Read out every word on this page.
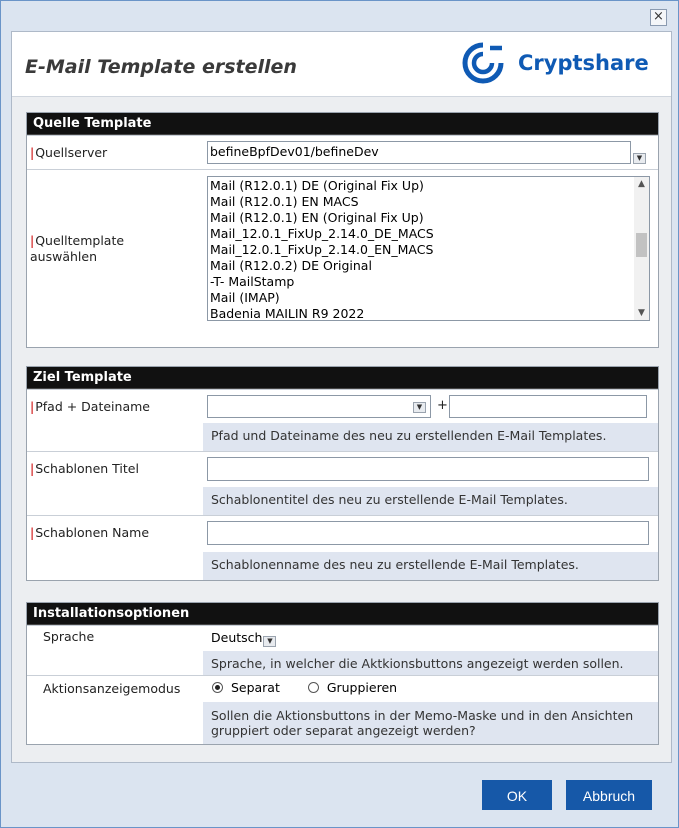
×
E-Mail Template erstellen	Cryptshare
Quelle Template
|Quellserver	befineBpfDev01/befineDev	▼
|Quelltemplate
auswählen
Mail (R12.0.1) DE (Original Fix Up)
Mail (R12.0.1) EN MACS
Mail (R12.0.1) EN (Original Fix Up)
Mail_12.0.1_FixUp_2.14.0_DE_MACS
Mail_12.0.1_FixUp_2.14.0_EN_MACS
Mail (R12.0.2) DE Original
-T- MailStamp
Mail (IMAP)
Badenia MAILIN R9 2022
▲
▼
Ziel Template
|Pfad + Dateiname	▼ +
Pfad und Dateiname des neu zu erstellenden E-Mail Templates.
|Schablonen Titel
Schablonentitel des neu zu erstellende E-Mail Templates.
|Schablonen Name
Schablonenname des neu zu erstellende E-Mail Templates.
Installationsoptionen
Sprache	Deutsch ▼
Sprache, in welcher die Aktkionsbuttons angezeigt werden sollen.
Aktionsanzeigemodus	Separat	Gruppieren
Sollen die Aktionsbuttons in der Memo-Maske und in den Ansichten
gruppiert oder separat angezeigt werden?
OK	Abbruch
